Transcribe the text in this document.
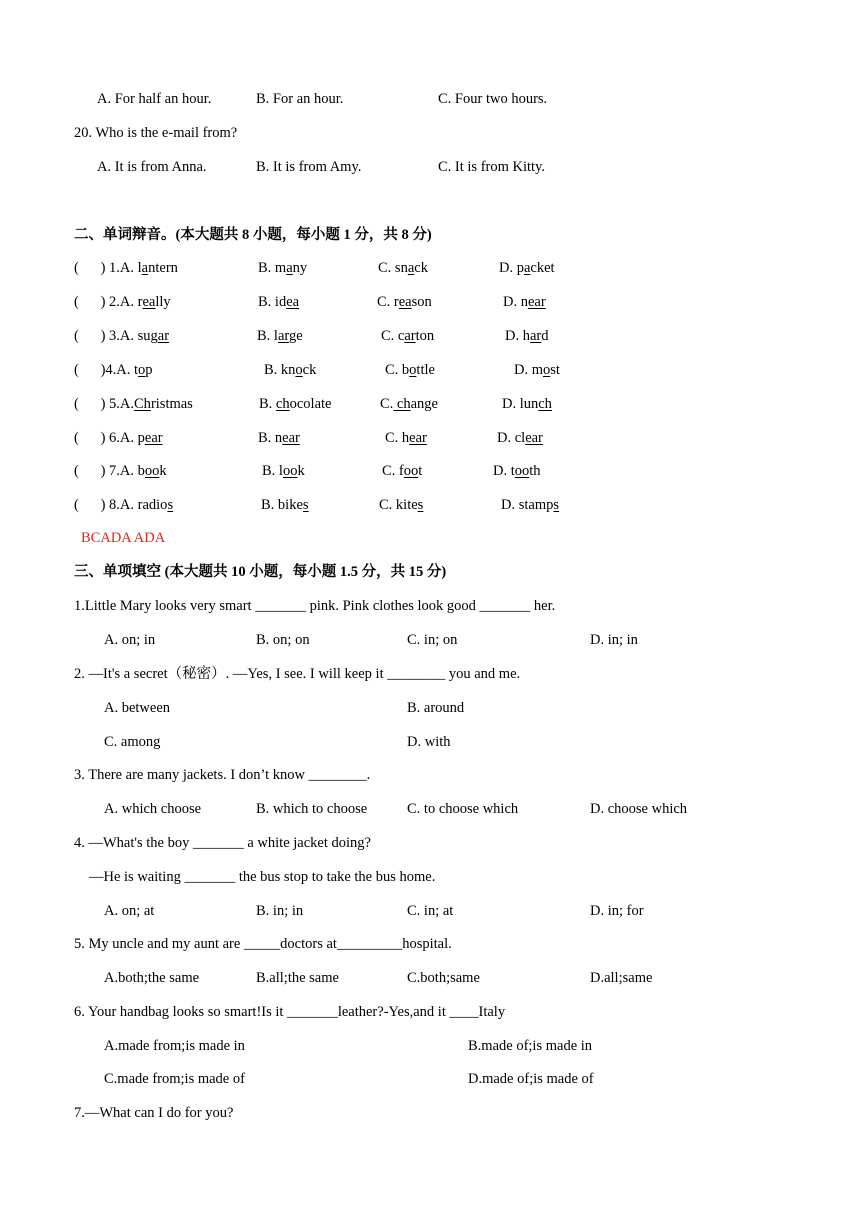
A. For half an hour.	B. For an hour.	C. Four two hours.
20. Who is the e-mail from?
A. It is from Anna.	B. It is from Amy.	C. It is from Kitty.
二、单词辩音。(本大题共 8 小题，每小题 1 分，共 8 分)
(      ) 1.A. lantern	B. many	C. snack	D. packet
(      ) 2.A. really	B. idea	C. reason	D. near
(      ) 3.A. sugar	B. large	C. carton	D. hard
(      )4.A. top	B. knock	C. bottle	D. most
(      ) 5.A.Christmas	B. chocolate	C. change	D. lunch
(      ) 6.A. pear	B. near	C. hear	D. clear
(      ) 7.A. book	B. look	C. foot	D. tooth
(      ) 8.A. radios	B. bikes	C. kites	D. stamps
BCADA ADA
三、单项填空 (本大题共 10 小题，每小题 1.5 分，共 15 分)
1.Little Mary looks very smart _______ pink. Pink clothes look good _______ her.
A. on; in	B. on; on	C. in; on	D. in; in
2. —It's a secret（秘密）. —Yes, I see. I will keep it ________ you and me.
A. between	B. around
C. among	D. with
3. There are many jackets. I don’t know ________.
A. which choose	B. which to choose	C. to choose which	D. choose which
4. —What's the boy _______ a white jacket doing?
—He is waiting _______ the bus stop to take the bus home.
A. on; at	B. in; in	C. in; at	D. in; for
5. My uncle and my aunt are _____doctors at_________hospital.
A.both;the same	B.all;the same	C.both;same	D.all;same
6. Your handbag looks so smart!Is it _______leather?-Yes,and it ____Italy
A.made from;is made in	B.made of;is made in
C.made from;is made of	D.made of;is made of
7.—What can I do for you?
